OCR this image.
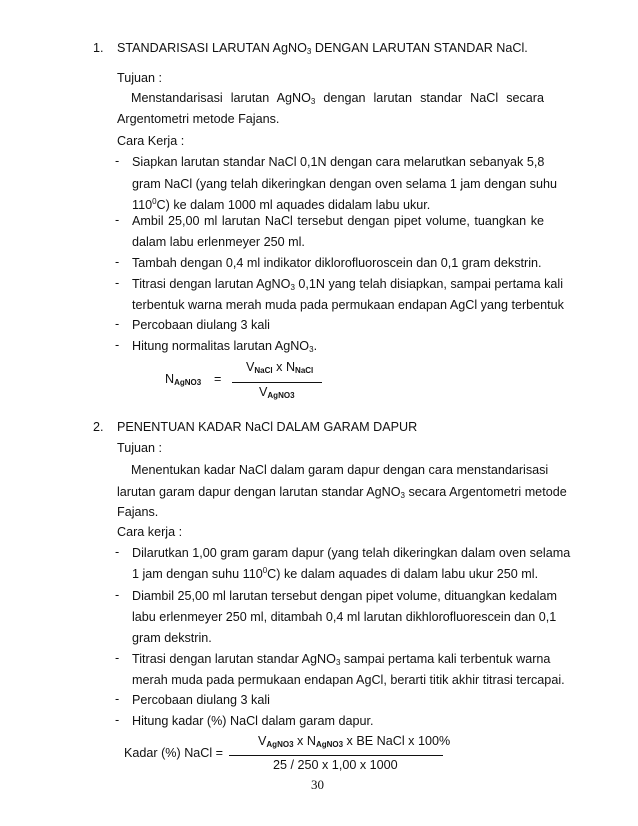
1. STANDARISASI LARUTAN AgNO$_3$ DENGAN LARUTAN STANDAR NaCl.
Tujuan :
Menstandarisasi larutan AgNO$_3$ dengan larutan standar NaCl secara
Argentometri metode Fajans.
Cara Kerja :
- Siapkan larutan standar NaCl 0,1N dengan cara melarutkan sebanyak 5,8
gram NaCl (yang telah dikeringkan dengan oven selama 1 jam dengan suhu
$110^0C$) ke dalam 1000 ml aquades didalam labu ukur.
- Ambil 25,00 ml larutan NaCl tersebut dengan pipet volume, tuangkan ke
dalam labu erlenmeyer 250 ml.
- Tambah dengan 0,4 ml indikator diklorofluoroscein dan 0,1 gram dekstrin.
- Titrasi dengan larutan AgNO$_3$ 0,1N yang telah disiapkan, sampai pertama kali
terbentuk warna merah muda pada permukaan endapan AgCl yang terbentuk
- Percobaan diulang 3 kali
- Hitung normalitas larutan AgNO$_3$.
$V_{NaCl}$ x $N_{NaCl}$
$N_{AgNO3}$ =
$V_{AgNO3}$
2. PENENTUAN KADAR NaCl DALAM GARAM DAPUR
Tujuan :
Menentukan kadar NaCl dalam garam dapur dengan cara menstandarisasi
larutan garam dapur dengan larutan standar AgNO$_3$ secara Argentometri metode
Fajans.
Cara kerja :
- Dilarutkan 1,00 gram garam dapur (yang telah dikeringkan dalam oven selama
1 jam dengan suhu $110^0C$) ke dalam aquades di dalam labu ukur 250 ml.
- Diambil 25,00 ml larutan tersebut dengan pipet volume, dituangkan kedalam
labu erlenmeyer 250 ml, ditambah 0,4 ml larutan dikhlorofluorescein dan 0,1
gram dekstrin.
- Titrasi dengan larutan standar AgNO$_3$ sampai pertama kali terbentuk warna
merah muda pada permukaan endapan AgCl, berarti titik akhir titrasi tercapai.
- Percobaan diulang 3 kali
- Hitung kadar (%) NaCl dalam garam dapur.
$V_{AgNO3}$ x $N_{AgNO3}$ x BE NaCl x 100%
Kadar (%) NaCl =
25 / 250 x 1,00 x 1000
30
